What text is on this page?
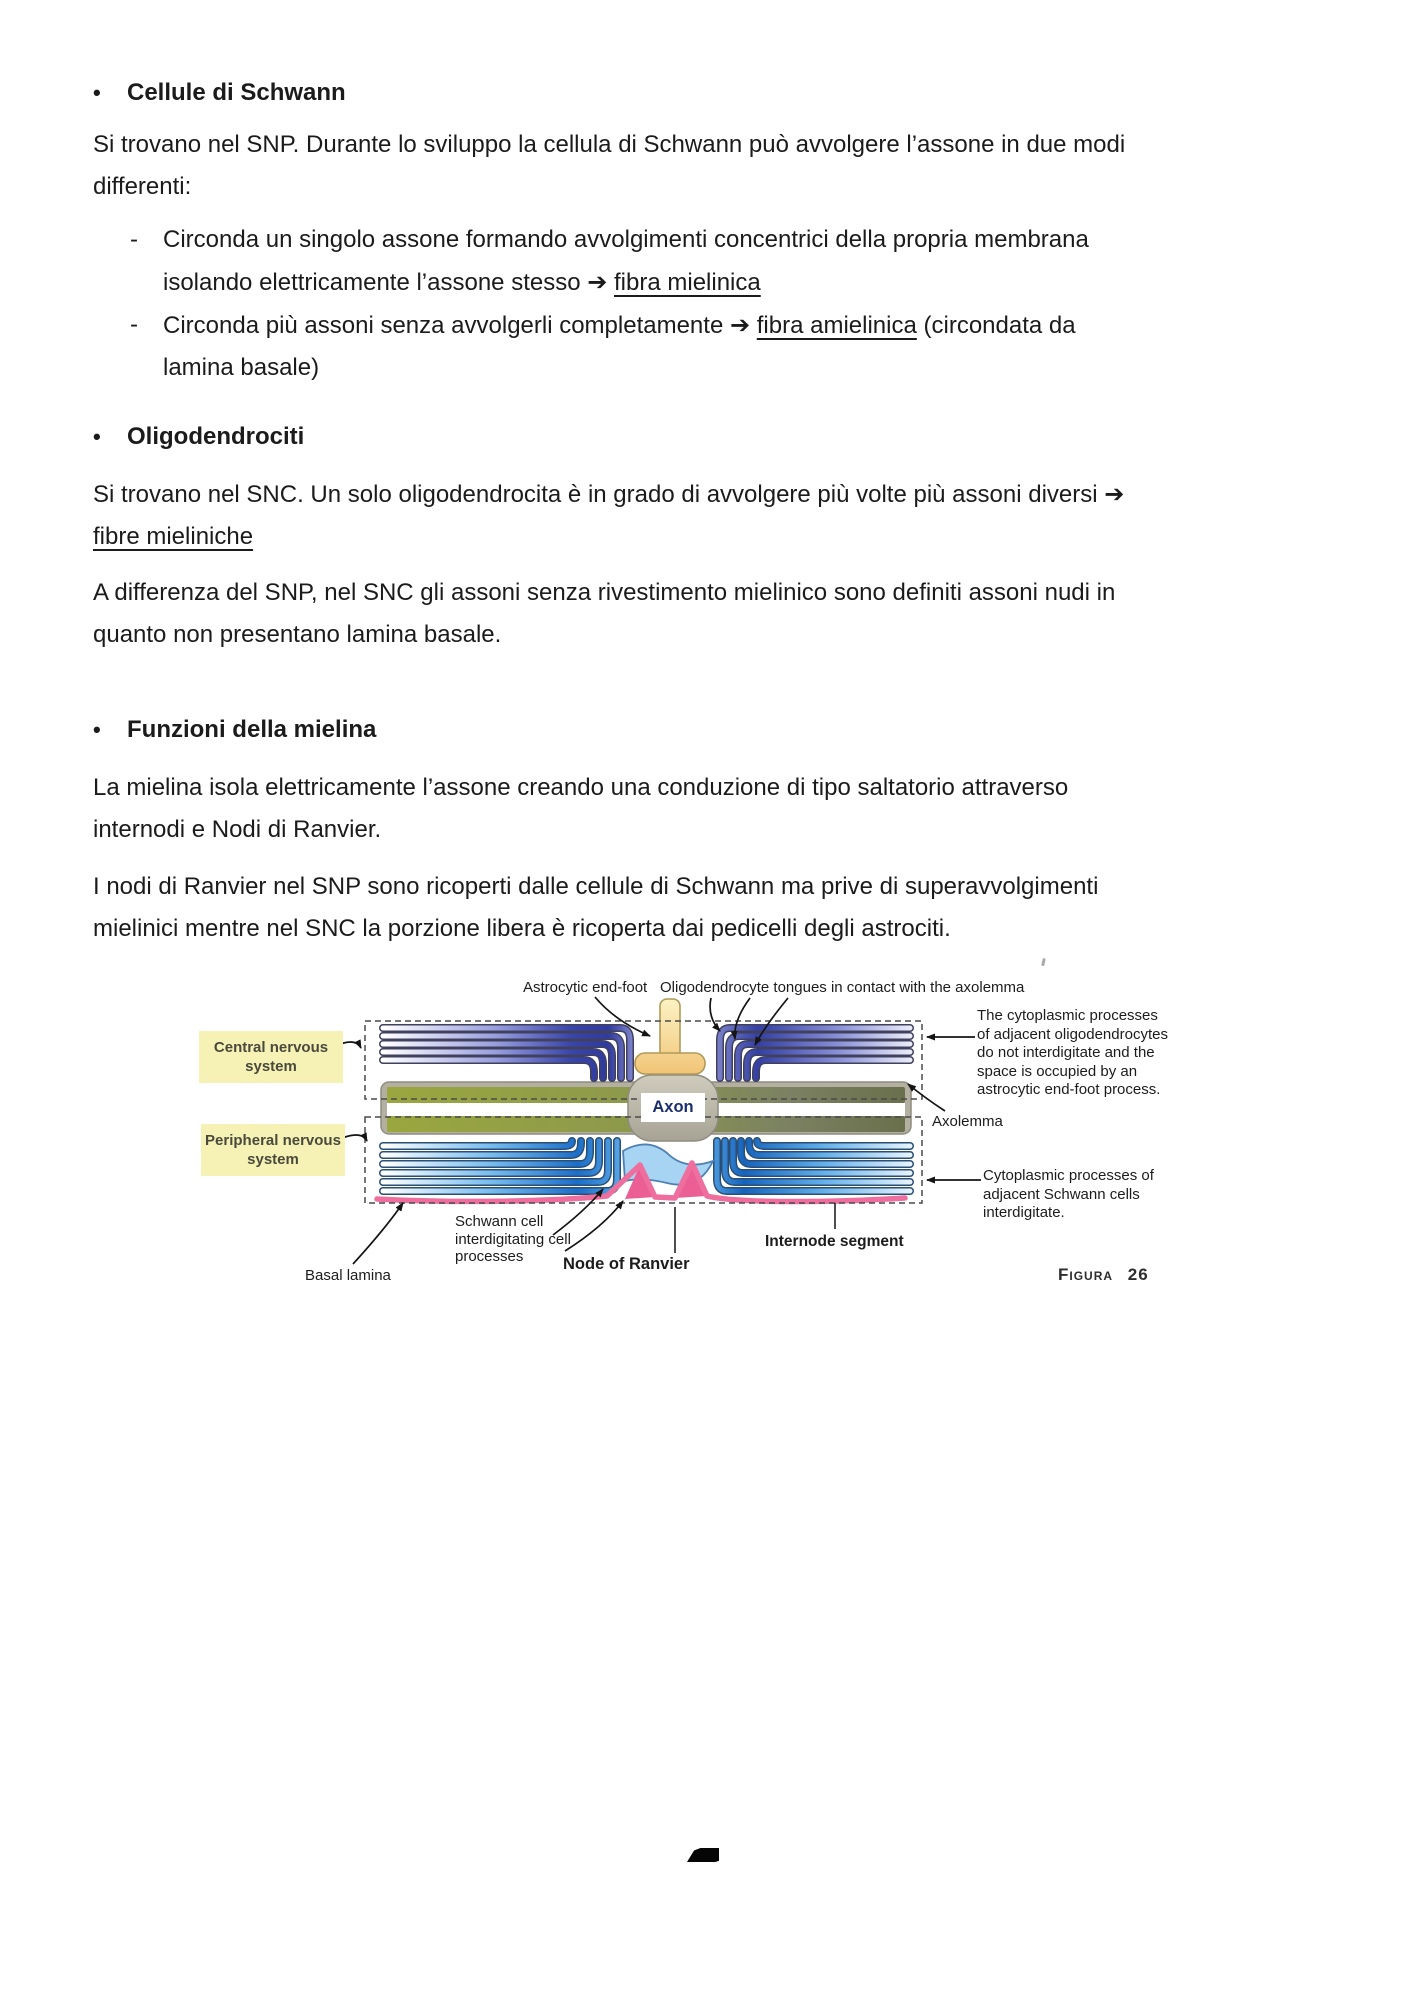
•	Cellule di Schwann
Si trovano nel SNP. Durante lo sviluppo la cellula di Schwann può avvolgere l’assone in due modi
differenti:
-	Circonda un singolo assone formando avvolgimenti concentrici della propria membrana
isolando elettricamente l’assone stesso ➔ fibra mielinica
-	Circonda più assoni senza avvolgerli completamente ➔ fibra amielinica (circondata da
lamina basale)
•	Oligodendrociti
Si trovano nel SNC. Un solo oligodendrocita è in grado di avvolgere più volte più assoni diversi ➔
fibre mieliniche
A differenza del SNP, nel SNC gli assoni senza rivestimento mielinico sono definiti assoni nudi in
quanto non presentano lamina basale.
•	Funzioni della mielina
La mielina isola elettricamente l’assone creando una conduzione di tipo saltatorio attraverso
internodi e Nodi di Ranvier.
I nodi di Ranvier nel SNP sono ricoperti dalle cellule di Schwann ma prive di superavvolgimenti
mielinici mentre nel SNC la porzione libera è ricoperta dai pedicelli degli astrociti.
Astrocytic end-foot Oligodendrocyte tongues in contact with the axolemma
The cytoplasmic processes of adjacent oligodendrocytes do not interdigitate and the space is occupied by an astrocytic end-foot process.
Axolemma
Cytoplasmic processes of adjacent Schwann cells interdigitate.
Internode segment
Node of Ranvier
Schwann cell interdigitating cell processes
Basal lamina
Central nervous system
Peripheral nervous system
Axon
Figura 26
